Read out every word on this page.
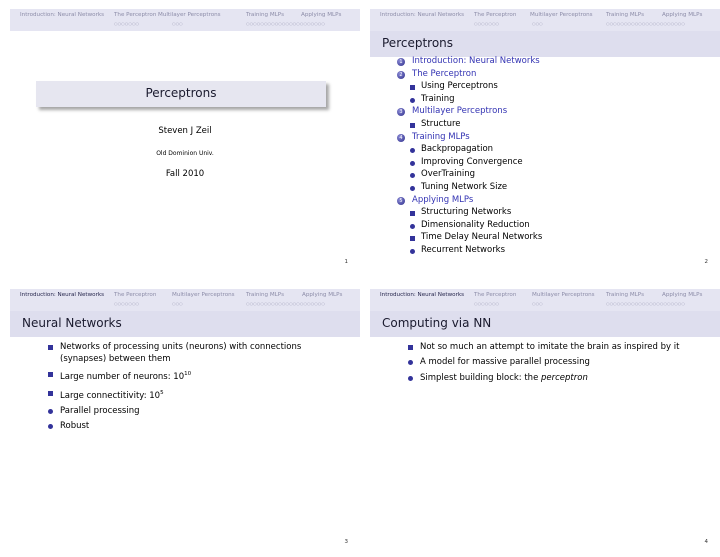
Introduction: Neural Networks The Perceptron Multilayer Perceptrons	Training MLPs	Applying MLPs
○○○○○○○	○○○	○○○○○○○○○○○○○○○○○○○○○○
Perceptrons
Steven J Zeil
Old Dominion Univ.
Fall 2010
1
Introduction: Neural Networks The Perceptron Multilayer Perceptrons Training MLPs	Applying MLPs
○○○○○○○	○○○	○○○○○○○○○○○○○○○○○○○○○○
Perceptrons
1 Introduction: Neural Networks
2 The Perceptron
Using Perceptrons
Training
3 Multilayer Perceptrons
Structure
4 Training MLPs
Backpropagation
Improving Convergence
OverTraining
Tuning Network Size
5 Applying MLPs
Structuring Networks
Dimensionality Reduction
Time Delay Neural Networks
Recurrent Networks
2
Introduction: Neural Networks The Perceptron	Multilayer Perceptrons Training MLPs	Applying MLPs
○○○○○○○	○○○	○○○○○○○○○○○○○○○○○○○○○○
Neural Networks
Networks of processing units (neurons) with connections
(synapses) between them
Large number of neurons: $10^{10}$
Large connectitivity: $10^5$
Parallel processing
Robust
3
Introduction: Neural Networks The Perceptron	Multilayer Perceptrons Training MLPs	Applying MLPs
○○○○○○○	○○○	○○○○○○○○○○○○○○○○○○○○○○
Computing via NN
Not so much an attempt to imitate the brain as inspired by it
A model for massive parallel processing
Simplest building block: the perceptron
4
